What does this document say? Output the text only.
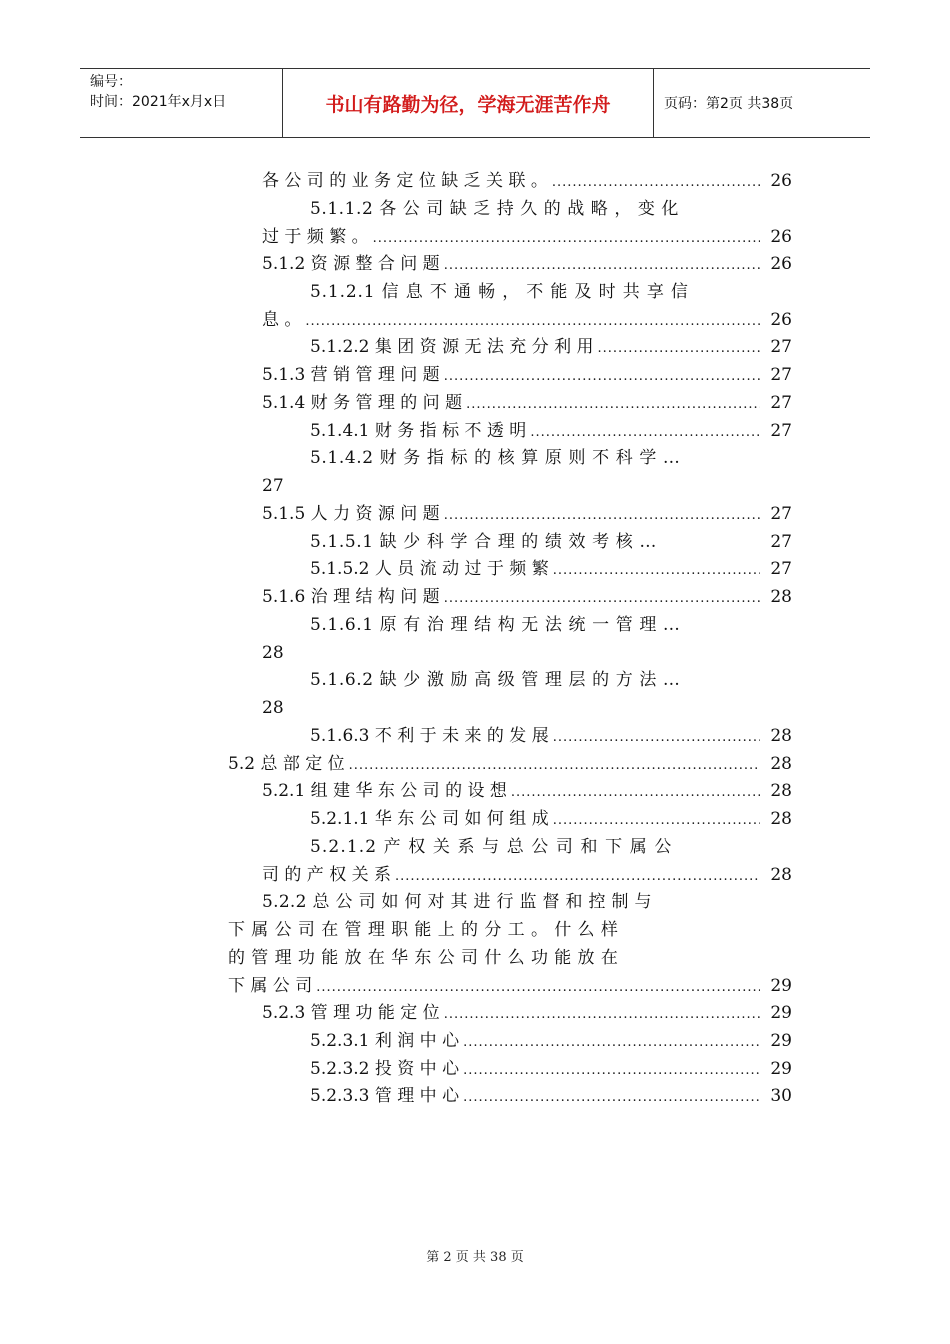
编号：
时间：2021年x月x日	书山有路勤为径，学海无涯苦作舟	页码：第2页 共38页
各 公 司 的 业 务 定 位 缺 乏 关 联 。 .....	26
5.1.1.2 各 公 司 缺 乏 持 久 的 战 略 ， 变 化
过 于 频 繁 。 .....	26
5.1.2 资 源 整 合 问 题 .....	26
5.1.2.1 信 息 不 通 畅 ， 不 能 及 时 共 享 信
息 。 .....	26
5.1.2.2 集 团 资 源 无 法 充 分 利 用 .....	27
5.1.3 营 销 管 理 问 题 .....	27
5.1.4 财 务 管 理 的 问 题 .....	27
5.1.4.1 财 务 指 标 不 透 明 .....	27
5.1.4.2 财 务 指 标 的 核 算 原 则 不 科 学 …
27
5.1.5 人 力 资 源 问 题 .....	27
5.1.5.1 缺 少 科 学 合 理 的 绩 效 考 核 …	27
5.1.5.2 人 员 流 动 过 于 频 繁 .....	27
5.1.6 治 理 结 构 问 题 .....	28
5.1.6.1 原 有 治 理 结 构 无 法 统 一 管 理 …
28
5.1.6.2 缺 少 激 励 高 级 管 理 层 的 方 法 …
28
5.1.6.3 不 利 于 未 来 的 发 展 .....	28
5.2 总 部 定 位 .....	28
5.2.1 组 建 华 东 公 司 的 设 想 .....	28
5.2.1.1 华 东 公 司 如 何 组 成 .....	28
5.2.1.2 产 权 关 系 与 总 公 司 和 下 属 公
司 的 产 权 关 系 .....	28
5.2.2 总 公 司 如 何 对 其 进 行 监 督 和 控 制 与
下 属 公 司 在 管 理 职 能 上 的 分 工 。 什 么 样
的 管 理 功 能 放 在 华 东 公 司 什 么 功 能 放 在
下 属 公 司 .....	29
5.2.3 管 理 功 能 定 位 .....	29
5.2.3.1 利 润 中 心 .....	29
5.2.3.2 投 资 中 心 .....	29
5.2.3.3 管 理 中 心 .....	30
第 2 页 共 38 页
